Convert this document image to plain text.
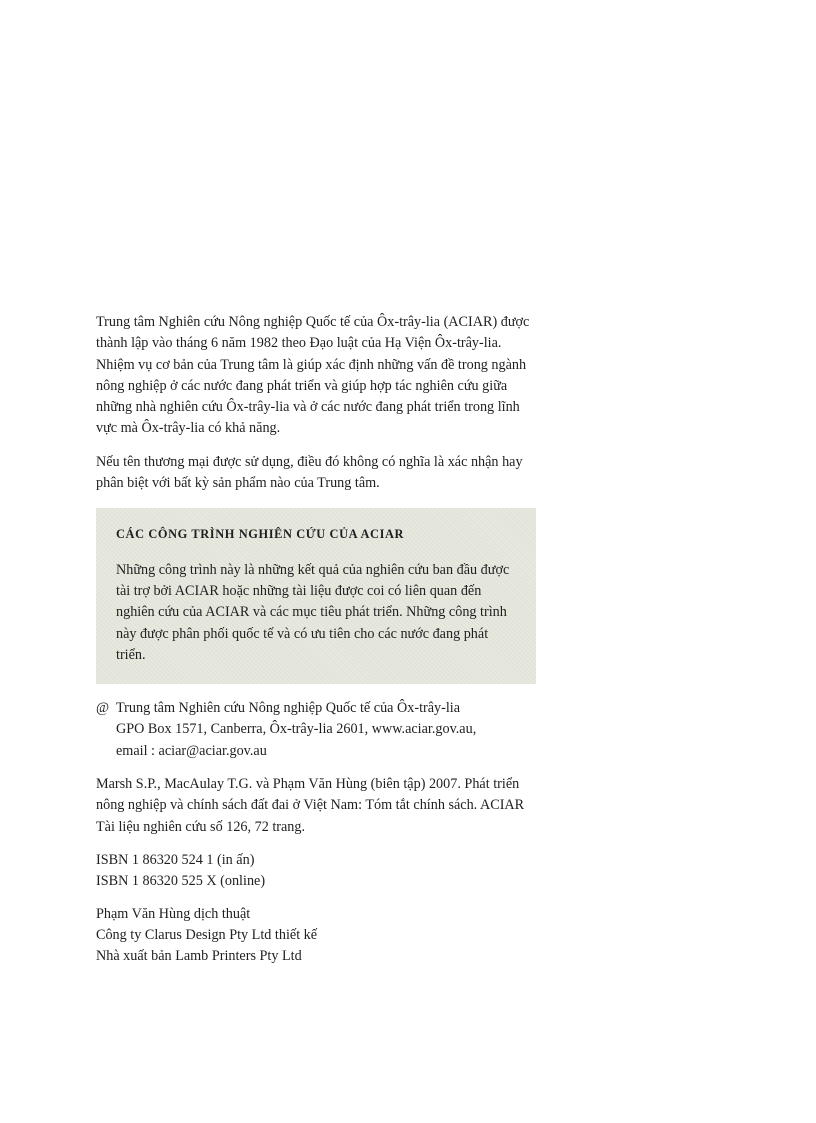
Trung tâm Nghiên cứu Nông nghiệp Quốc tế của Ôx-trây-lia (ACIAR) được thành lập vào tháng 6 năm 1982 theo Đạo luật của Hạ Viện Ôx-trây-lia. Nhiệm vụ cơ bản của Trung tâm là giúp xác định những vấn đề trong ngành nông nghiệp ở các nước đang phát triển và giúp hợp tác nghiên cứu giữa những nhà nghiên cứu Ôx-trây-lia và ở các nước đang phát triển trong lĩnh vực mà Ôx-trây-lia có khả năng.

Nếu tên thương mại được sử dụng, điều đó không có nghĩa là xác nhận hay phân biệt với bất kỳ sản phẩm nào của Trung tâm.

CÁC CÔNG TRÌNH NGHIÊN CỨU CỦA ACIAR

Những công trình này là những kết quả của nghiên cứu ban đầu được tài trợ bởi ACIAR hoặc những tài liệu được coi có liên quan đến nghiên cứu của ACIAR và các mục tiêu phát triển. Những công trình này được phân phối quốc tế và có ưu tiên cho các nước đang phát triển.

@ Trung tâm Nghiên cứu Nông nghiệp Quốc tế của Ôx-trây-lia
GPO Box 1571, Canberra, Ôx-trây-lia 2601, www.aciar.gov.au,
email : aciar@aciar.gov.au

Marsh S.P., MacAulay T.G. và Phạm Văn Hùng (biên tập) 2007. Phát triển nông nghiệp và chính sách đất đai ở Việt Nam: Tóm tắt chính sách. ACIAR Tài liệu nghiên cứu số 126, 72 trang.

ISBN 1 86320 524 1 (in ấn)
ISBN 1 86320 525 X (online)
Phạm Văn Hùng dịch thuật
Công ty Clarus Design Pty Ltd thiết kế
Nhà xuất bản Lamb Printers Pty Ltd
